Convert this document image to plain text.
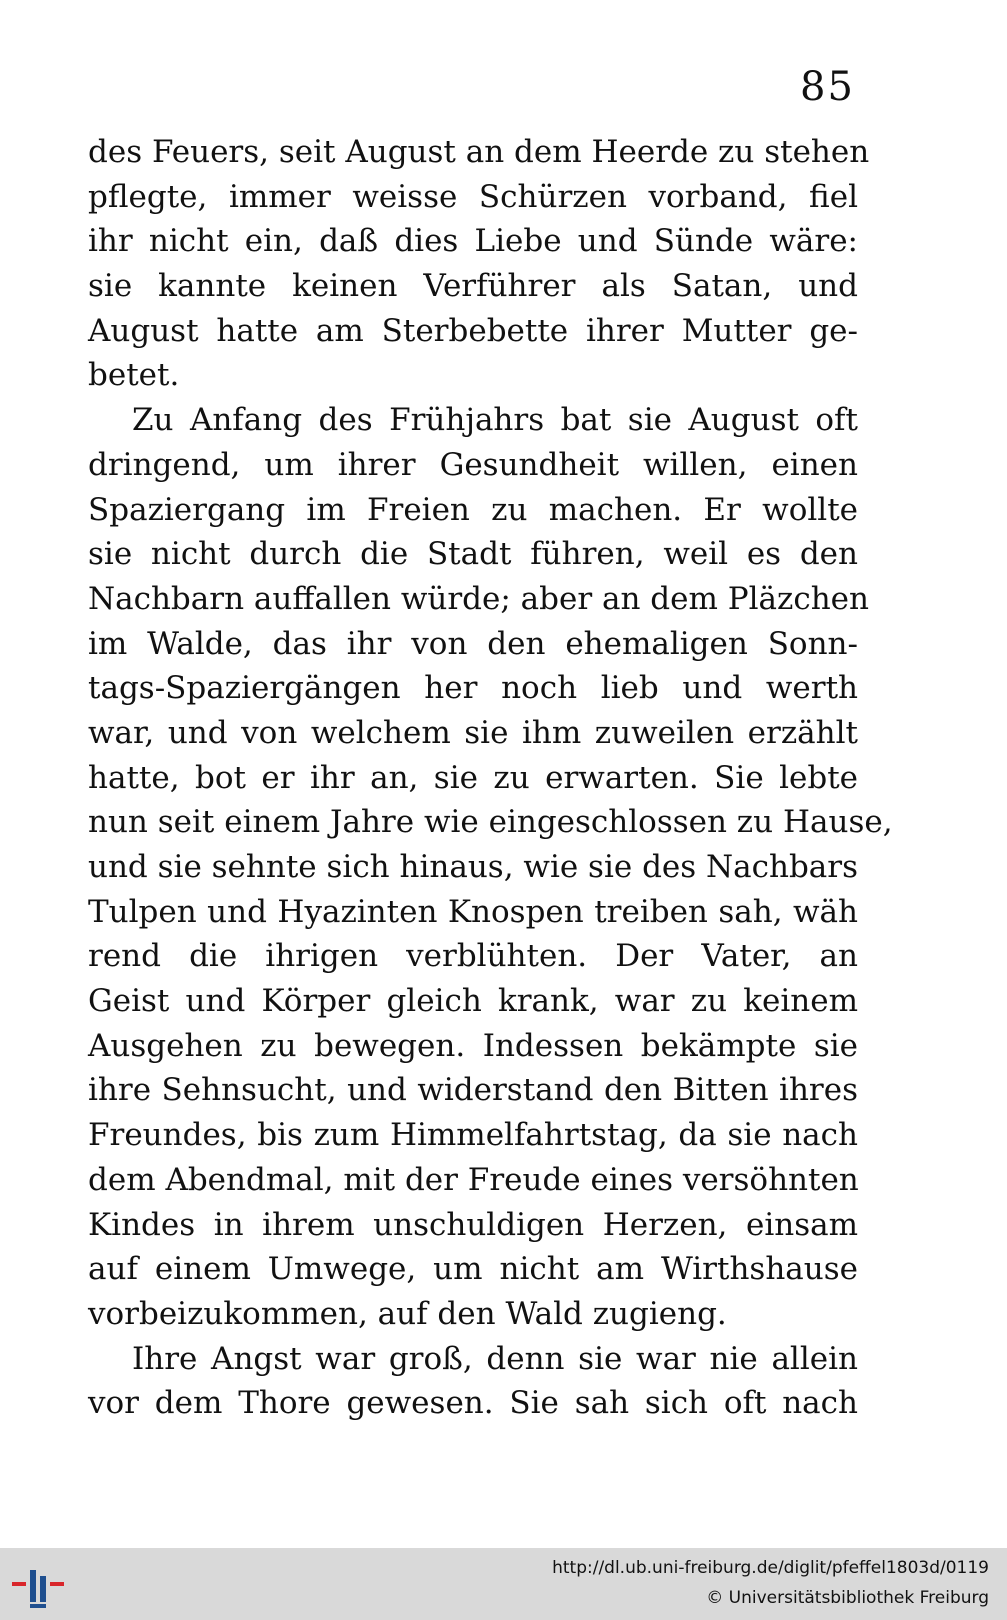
85
des Feuers, seit August an dem Heerde zu stehen
pflegte, immer weisse Schürzen vorband, fiel
ihr nicht ein, daß dies Liebe und Sünde wäre:
sie kannte keinen Verführer als Satan, und
August hatte am Sterbebette ihrer Mutter ge-
betet.
Zu Anfang des Frühjahrs bat sie August oft
dringend, um ihrer Gesundheit willen, einen
Spaziergang im Freien zu machen. Er wollte
sie nicht durch die Stadt führen, weil es den
Nachbarn auffallen würde; aber an dem Pläzchen
im Walde, das ihr von den ehemaligen Sonn-
tags-Spaziergängen her noch lieb und werth
war, und von welchem sie ihm zuweilen erzählt
hatte, bot er ihr an, sie zu erwarten. Sie lebte
nun seit einem Jahre wie eingeschlossen zu Hause,
und sie sehnte sich hinaus, wie sie des Nachbars
Tulpen und Hyazinten Knospen treiben sah, wäh
rend die ihrigen verblühten. Der Vater, an
Geist und Körper gleich krank, war zu keinem
Ausgehen zu bewegen. Indessen bekämpte sie
ihre Sehnsucht, und widerstand den Bitten ihres
Freundes, bis zum Himmelfahrtstag, da sie nach
dem Abendmal, mit der Freude eines versöhnten
Kindes in ihrem unschuldigen Herzen, einsam
auf einem Umwege, um nicht am Wirthshause
vorbeizukommen, auf den Wald zugieng.
Ihre Angst war groß, denn sie war nie allein
vor dem Thore gewesen. Sie sah sich oft nach
http://dl.ub.uni-freiburg.de/diglit/pfeffel1803d/0119
© Universitätsbibliothek Freiburg
